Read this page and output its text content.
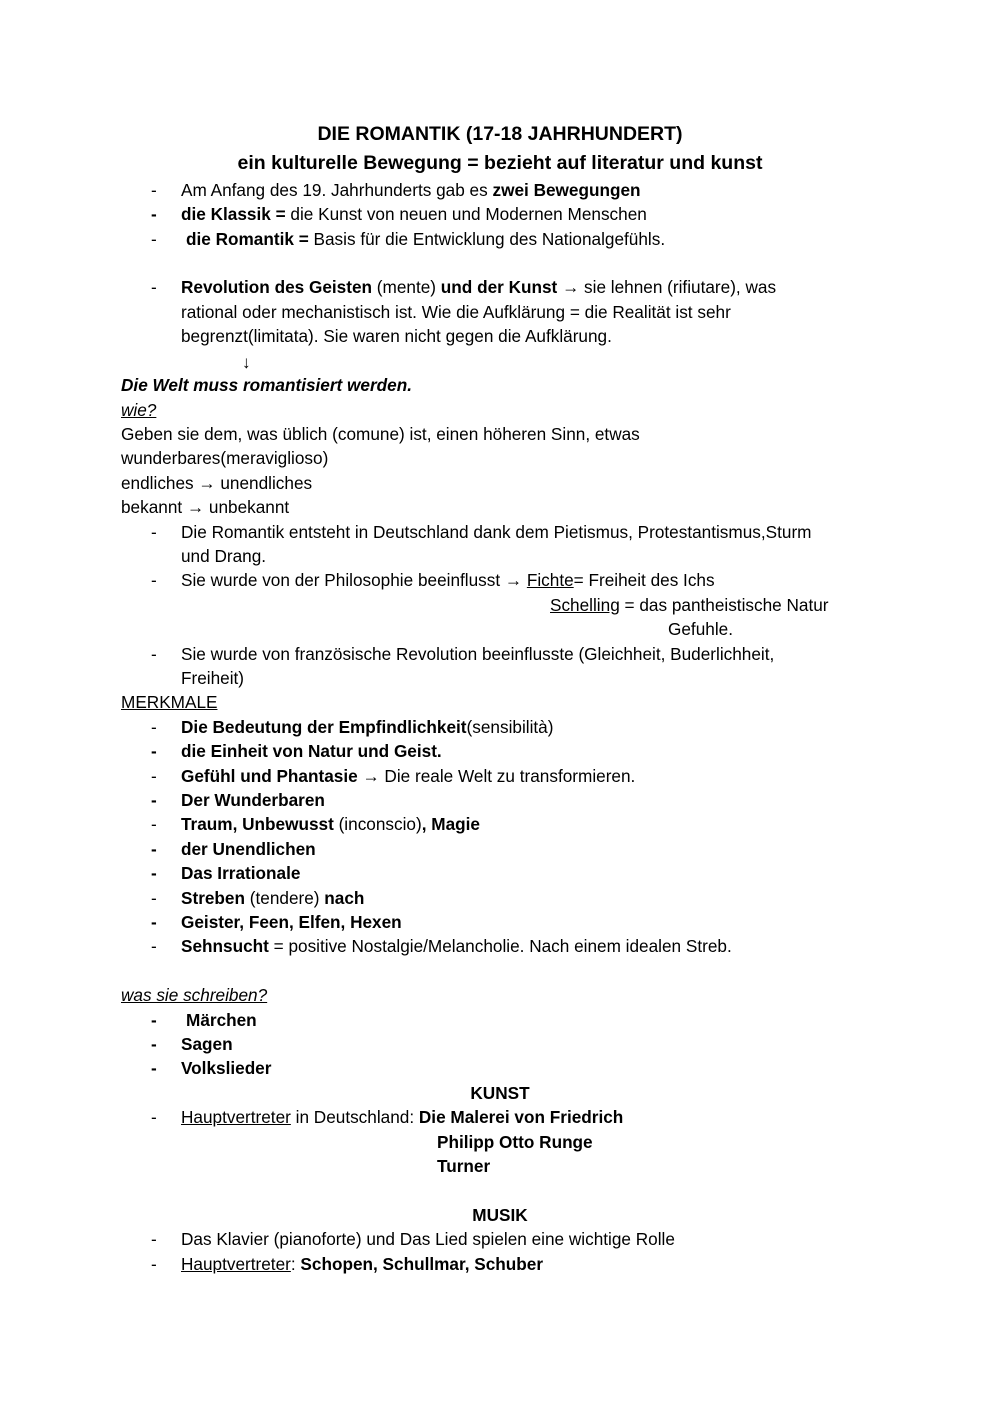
DIE ROMANTIK (17-18 JAHRHUNDERT)
ein kulturelle Bewegung = bezieht auf literatur und kunst
- Am Anfang des 19. Jahrhunderts gab es zwei Bewegungen
- die Klassik = die Kunst von neuen und Modernen Menschen
- die Romantik = Basis für die Entwicklung des Nationalgefühls.
- Revolution des Geisten (mente) und der Kunst → sie lehnen (rifiutare), was
rational oder mechanistisch ist. Wie die Aufklärung = die Realität ist sehr
begrenzt(limitata). Sie waren nicht gegen die Aufklärung.
↓
Die Welt muss romantisiert werden.
wie?
Geben sie dem, was üblich (comune) ist, einen höheren Sinn, etwas
wunderbares(meraviglioso)
endliches → unendliches
bekannt → unbekannt
- Die Romantik entsteht in Deutschland dank dem Pietismus, Protestantismus,Sturm
und Drang.
- Sie wurde von der Philosophie beeinflusst → Fichte= Freiheit des Ichs
Schelling = das pantheistische Natur
Gefuhle.
- Sie wurde von französische Revolution beeinflusste (Gleichheit, Buderlichheit,
Freiheit)
MERKMALE
- Die Bedeutung der Empfindlichkeit(sensibilità)
- die Einheit von Natur und Geist.
- Gefühl und Phantasie → Die reale Welt zu transformieren.
- Der Wunderbaren
- Traum, Unbewusst (inconscio), Magie
- der Unendlichen
- Das Irrationale
- Streben (tendere) nach
- Geister, Feen, Elfen, Hexen
- Sehnsucht = positive Nostalgie/Melancholie. Nach einem idealen Streb.
was sie schreiben?
- Märchen
- Sagen
- Volkslieder
KUNST
- Hauptvertreter in Deutschland: Die Malerei von Friedrich
Philipp Otto Runge
Turner
MUSIK
- Das Klavier (pianoforte) und Das Lied spielen eine wichtige Rolle
- Hauptvertreter: Schopen, Schullmar, Schuber
